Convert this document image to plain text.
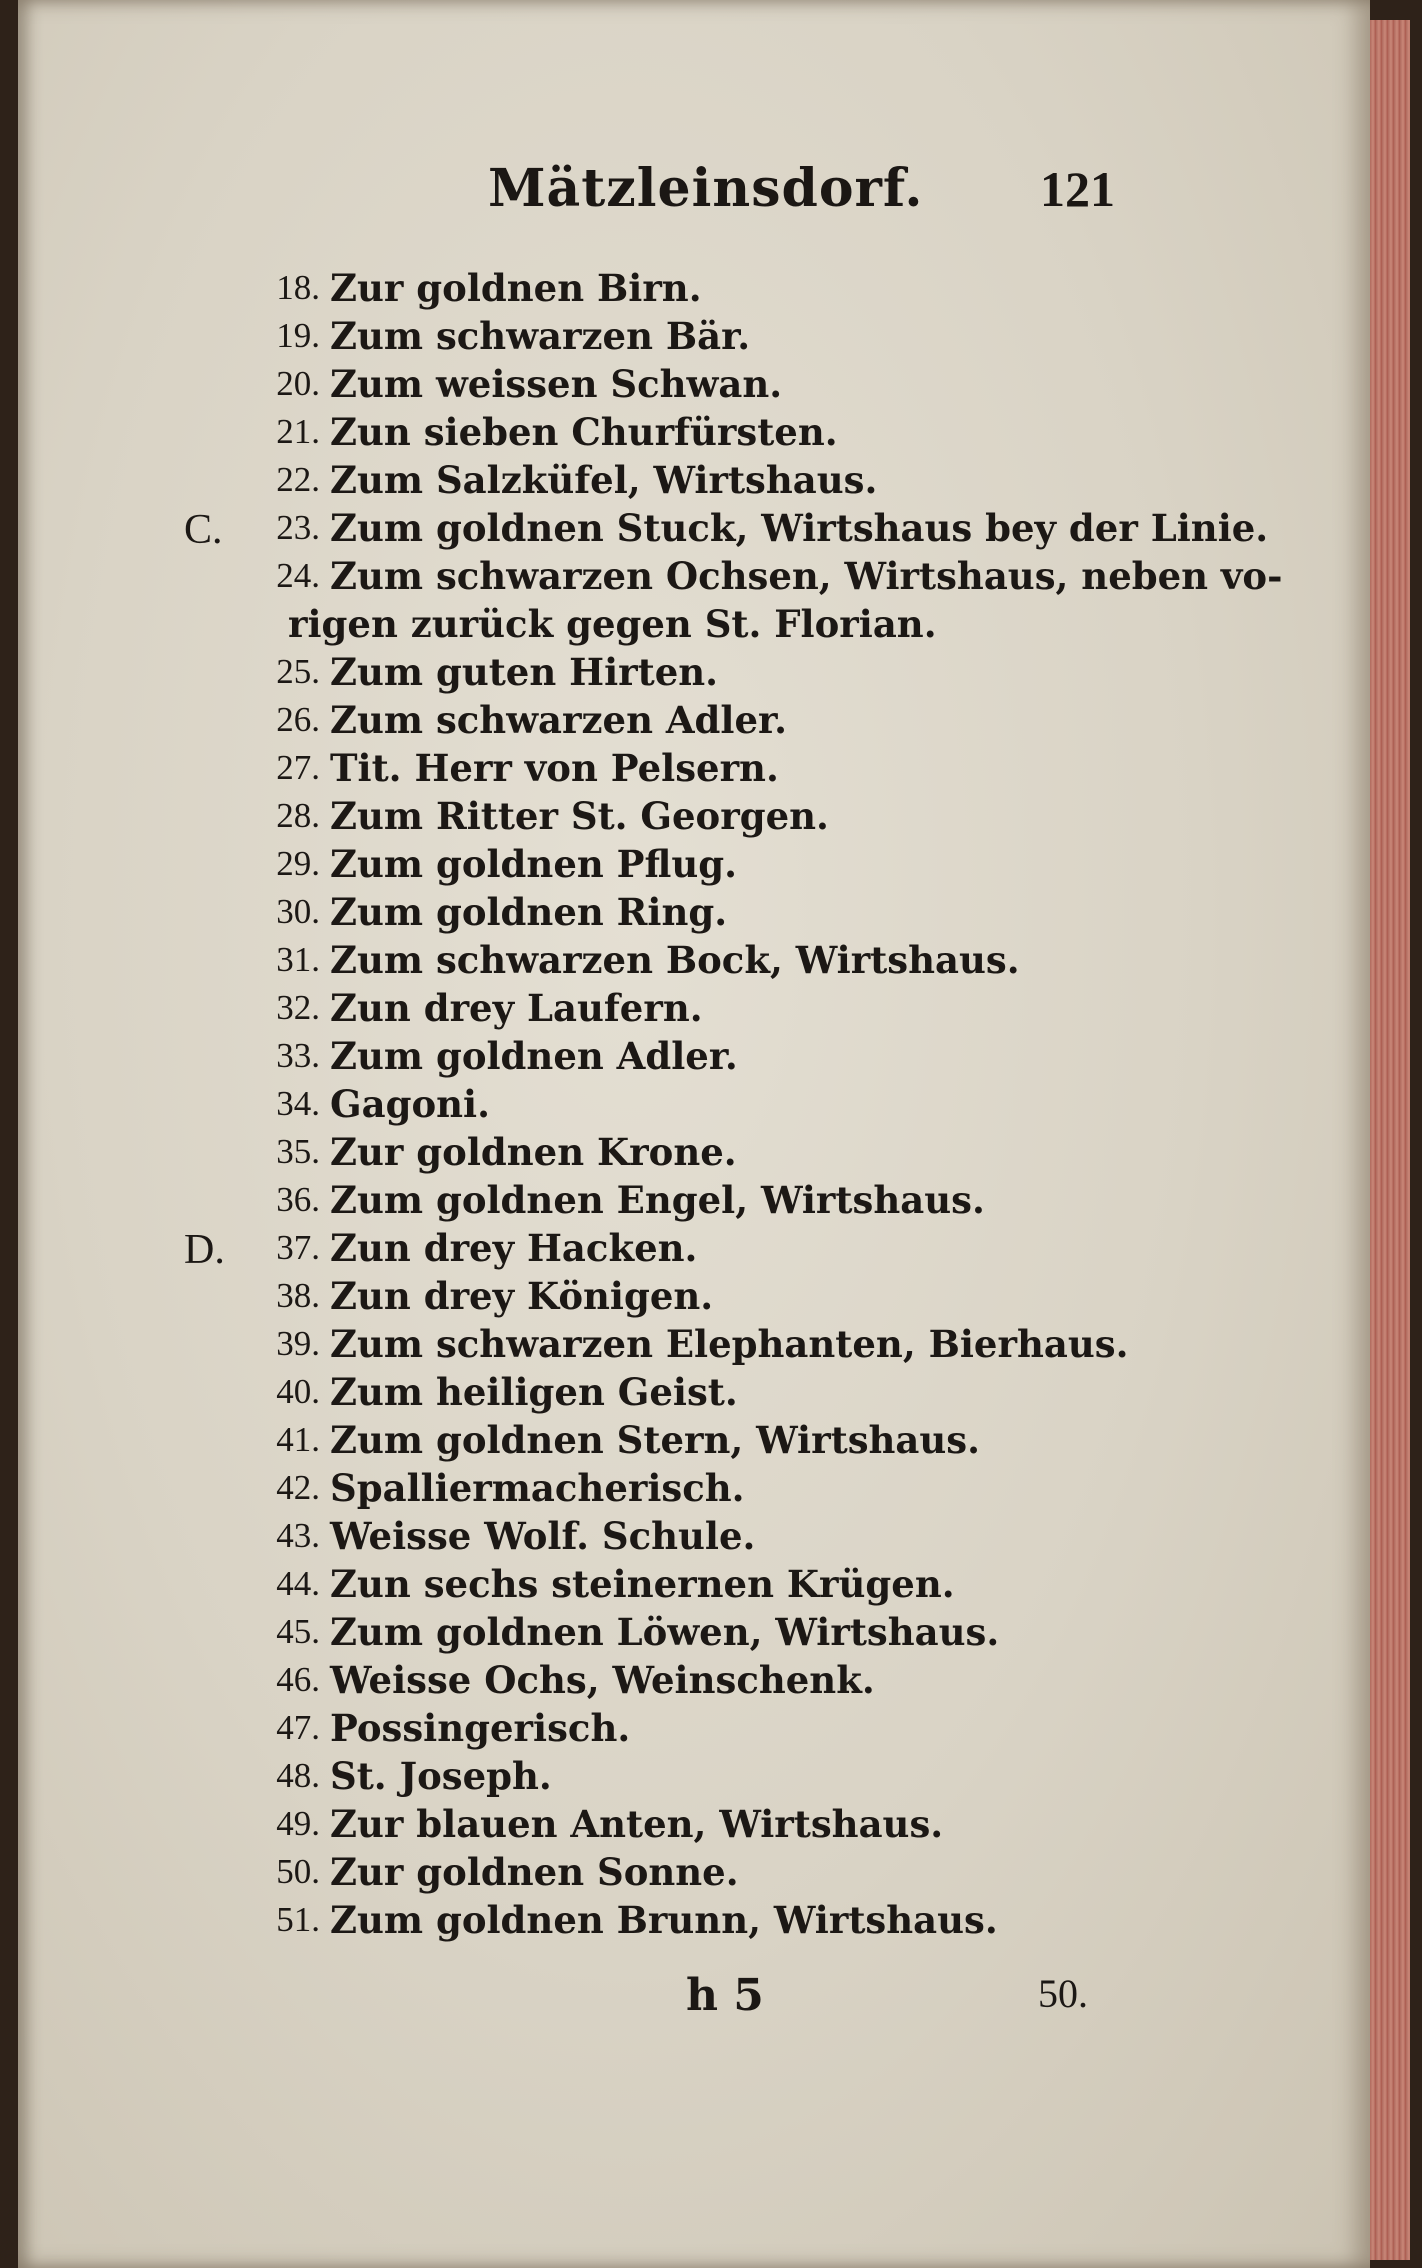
Mätzleinsdorf. 121
18. Zur goldnen Birn.
19. Zum schwarzen Bär.
20. Zum weissen Schwan.
21. Zun sieben Churfürsten.
22. Zum Salzküfel, Wirtshaus.
C.	23. Zum goldnen Stuck, Wirtshaus bey der Linie.
24. Zum schwarzen Ochsen, Wirtshaus, neben vo-
rigen zurück gegen St. Florian.
25. Zum guten Hirten.
26. Zum schwarzen Adler.
27. Tit. Herr von Pelsern.
28. Zum Ritter St. Georgen.
29. Zum goldnen Pflug.
30. Zum goldnen Ring.
31. Zum schwarzen Bock, Wirtshaus.
32. Zun drey Laufern.
33. Zum goldnen Adler.
34. Gagoni.
35. Zur goldnen Krone.
36. Zum goldnen Engel, Wirtshaus.
D.	37. Zun drey Hacken.
38. Zun drey Königen.
39. Zum schwarzen Elephanten, Bierhaus.
40. Zum heiligen Geist.
41. Zum goldnen Stern, Wirtshaus.
42. Spalliermacherisch.
43. Weisse Wolf. Schule.
44. Zun sechs steinernen Krügen.
45. Zum goldnen Löwen, Wirtshaus.
46. Weisse Ochs, Weinschenk.
47. Possingerisch.
48. St. Joseph.
49. Zur blauen Anten, Wirtshaus.
50. Zur goldnen Sonne.
51. Zum goldnen Brunn, Wirtshaus.
h 5	50.
